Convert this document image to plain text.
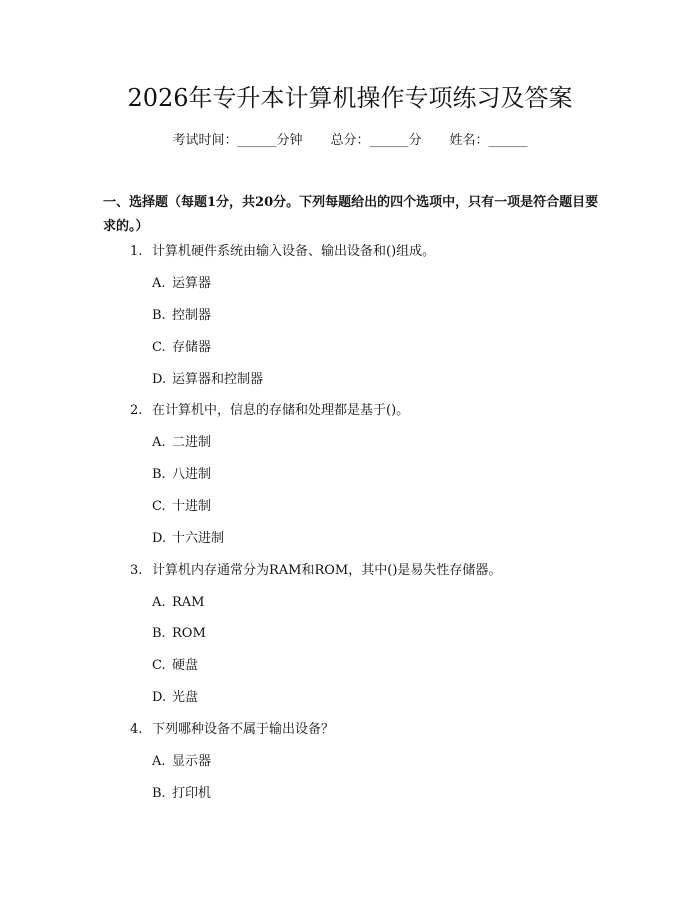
2026年专升本计算机操作专项练习及答案
考试时间：______分钟 总分：______分 姓名：______
一、选择题（每题1分，共20分。下列每题给出的四个选项中，只有一项是符合题目要求的。）
1. 计算机硬件系统由输入设备、输出设备和()组成。
A. 运算器
B. 控制器
C. 存储器
D. 运算器和控制器
2. 在计算机中，信息的存储和处理都是基于()。
A. 二进制
B. 八进制
C. 十进制
D. 十六进制
3. 计算机内存通常分为RAM和ROM，其中()是易失性存储器。
A. RAM
B. ROM
C. 硬盘
D. 光盘
4. 下列哪种设备不属于输出设备？
A. 显示器
B. 打印机
